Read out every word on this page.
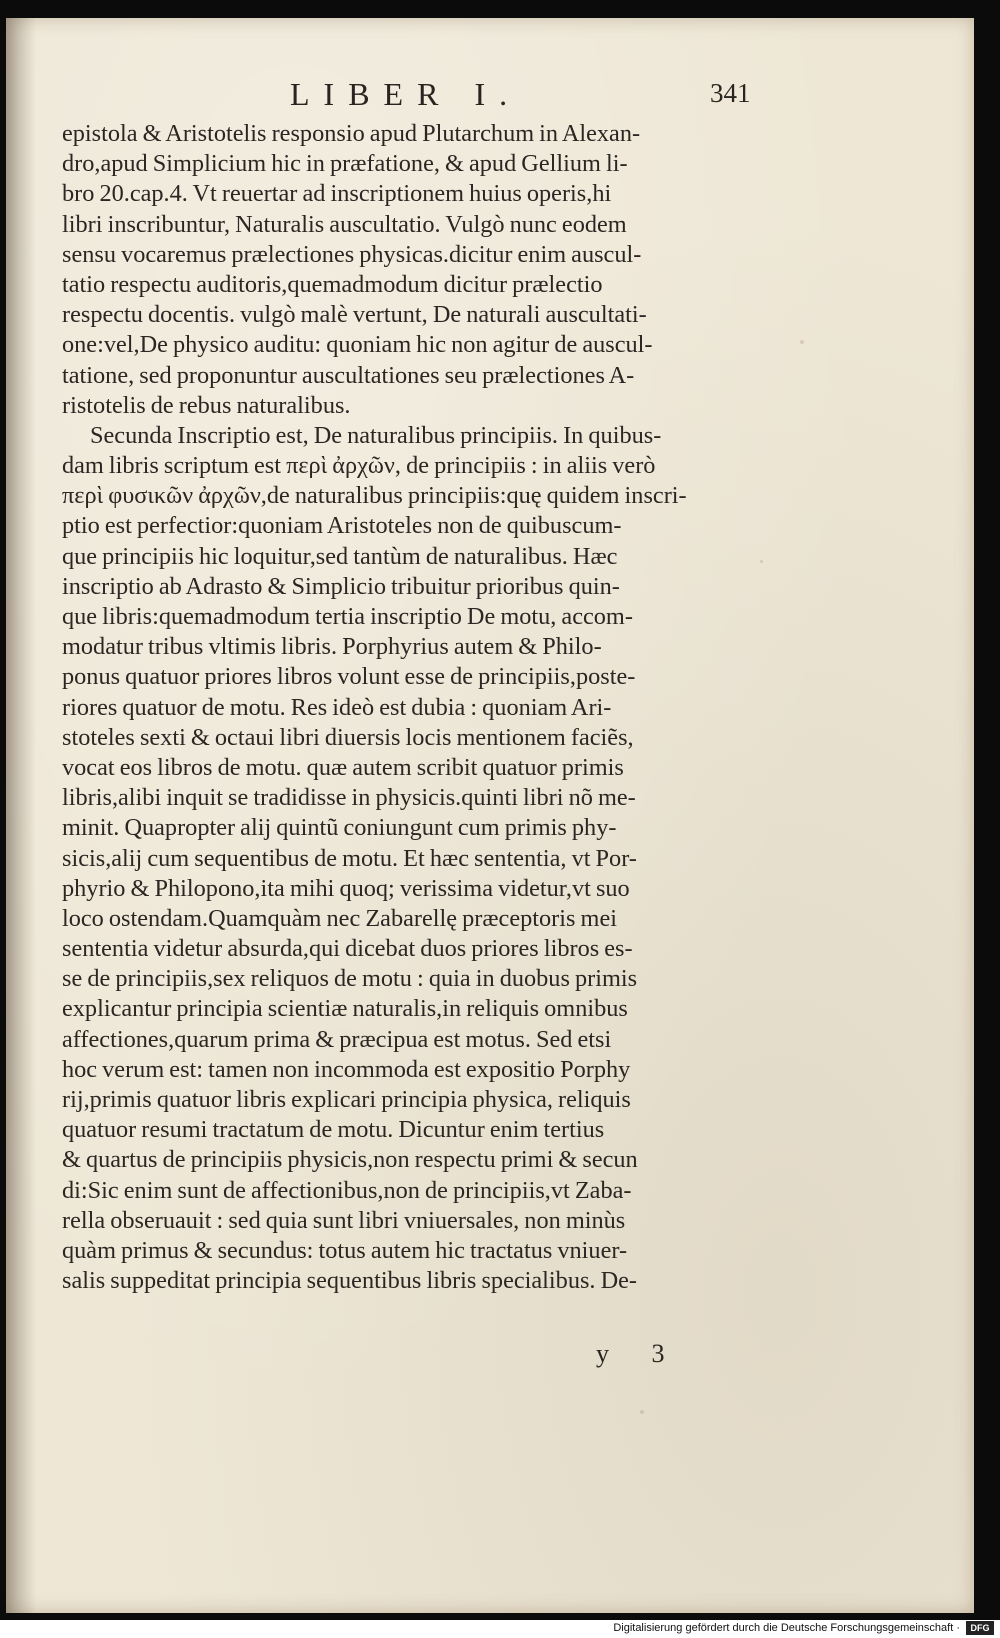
LIBER I.	341
epistola & Aristotelis responsio apud Plutarchum in Alexan-
dro,apud Simplicium hic in præfatione, & apud Gellium li-
bro 20.cap.4. Vt reuertar ad inscriptionem huius operis,hi
libri inscribuntur, Naturalis auscultatio. Vulgò nunc eodem
sensu vocaremus prælectiones physicas.dicitur enim auscul-
tatio respectu auditoris,quemadmodum dicitur prælectio
respectu docentis. vulgò malè vertunt, De naturali auscultati-
one:vel,De physico auditu: quoniam hic non agitur de auscul-
tatione, sed proponuntur auscultationes seu prælectiones A-
ristotelis de rebus naturalibus.
Secunda Inscriptio est, De naturalibus principiis. In quibus-
dam libris scriptum est περὶ ἀρχῶν, de principiis : in aliis verò
περὶ φυσικῶν ἀρχῶν,de naturalibus principiis:quę quidem inscri-
ptio est perfectior:quoniam Aristoteles non de quibuscum-
que principiis hic loquitur,sed tantùm de naturalibus. Hæc
inscriptio ab Adrasto & Simplicio tribuitur prioribus quin-
que libris:quemadmodum tertia inscriptio De motu, accom-
modatur tribus vltimis libris. Porphyrius autem & Philo-
ponus quatuor priores libros volunt esse de principiis,poste-
riores quatuor de motu. Res ideò est dubia : quoniam Ari-
stoteles sexti & octaui libri diuersis locis mentionem faciẽs,
vocat eos libros de motu. quæ autem scribit quatuor primis
libris,alibi inquit se tradidisse in physicis.quinti libri nõ me-
minit. Quapropter alij quintũ coniungunt cum primis phy-
sicis,alij cum sequentibus de motu. Et hæc sententia, vt Por-
phyrio & Philopono,ita mihi quoq; verissima videtur,vt suo
loco ostendam.Quamquàm nec Zabarellę præceptoris mei
sententia videtur absurda,qui dicebat duos priores libros es-
se de principiis,sex reliquos de motu : quia in duobus primis
explicantur principia scientiæ naturalis,in reliquis omnibus
affectiones,quarum prima & præcipua est motus. Sed etsi
hoc verum est: tamen non incommoda est expositio Porphy
rij,primis quatuor libris explicari principia physica, reliquis
quatuor resumi tractatum de motu. Dicuntur enim tertius
& quartus de principiis physicis,non respectu primi & secun
di:Sic enim sunt de affectionibus,non de principiis,vt Zaba-
rella obseruauit : sed quia sunt libri vniuersales, non minùs
quàm primus & secundus: totus autem hic tractatus vniuer-
salis suppeditat principia sequentibus libris specialibus. De-
y 3
Digitalisierung gefördert durch die Deutsche Forschungsgemeinschaft ·	DFG
